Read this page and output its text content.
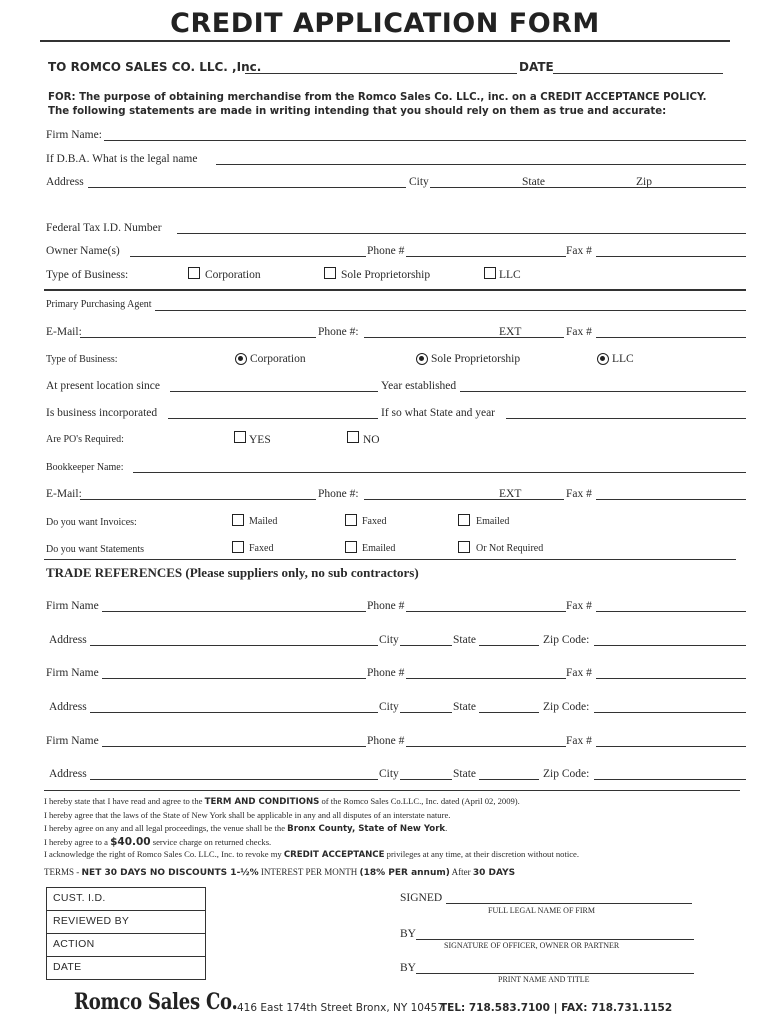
CREDIT APPLICATION FORM
TO ROMCO SALES CO. LLC. ,Inc.	DATE
FOR: The purpose of obtaining merchandise from the Romco Sales Co. LLC., inc. on a CREDIT ACCEPTANCE POLICY.
The following statements are made in writing intending that you should rely on them as true and accurate:
Firm Name:
If D.B.A. What is the legal name
Address	City	State	Zip
Federal Tax I.D. Number
Owner Name(s)	Phone #	Fax #
Type of Business:	Corporation	Sole Proprietorship	LLC
Primary Purchasing Agent
E-Mail:	Phone #:	EXT	Fax #
Type of Business:	Corporation	Sole Proprietorship	LLC
At present location since	Year established
Is business incorporated	If so what State and year
Are PO's Required:	YES	NO
Bookkeeper Name:
E-Mail:	Phone #:	EXT	Fax #
Do you want Invoices:	Mailed	Faxed	Emailed
Do you want Statements	Faxed	Emailed	Or Not Required
TRADE REFERENCES (Please suppliers only, no sub contractors)
Firm Name	Phone #	Fax #
Address	City	State	Zip Code:
Firm Name	Phone #	Fax #
Address	City	State	Zip Code:
Firm Name	Phone #	Fax #
Address	City	State	Zip Code:
I hereby state that I have read and agree to the TERM AND CONDITIONS of the Romco Sales Co.LLC., Inc. dated (April 02, 2009).
I hereby agree that the laws of the State of New York shall be applicable in any and all disputes of an interstate nature.
I hereby agree on any and all legal proceedings, the venue shall be the Bronx County, State of New York.
I hereby agree to a $40.00 service charge on returned checks.
I acknowledge the right of Romco Sales Co. LLC., Inc. to revoke my CREDIT ACCEPTANCE privileges at any time, at their discretion without notice.
TERMS - NET 30 DAYS NO DISCOUNTS 1-½% INTEREST PER MONTH (18% PER annum) After 30 DAYS
CUST. I.D.
REVIEWED BY
ACTION
DATE
SIGNED
FULL LEGAL NAME OF FIRM
BY
SIGNATURE OF OFFICER, OWNER OR PARTNER
BY
PRINT NAME AND TITLE
Romco Sales Co. 416 East 174th Street Bronx, NY 10457
TEL: 718.583.7100 | FAX: 718.731.1152
